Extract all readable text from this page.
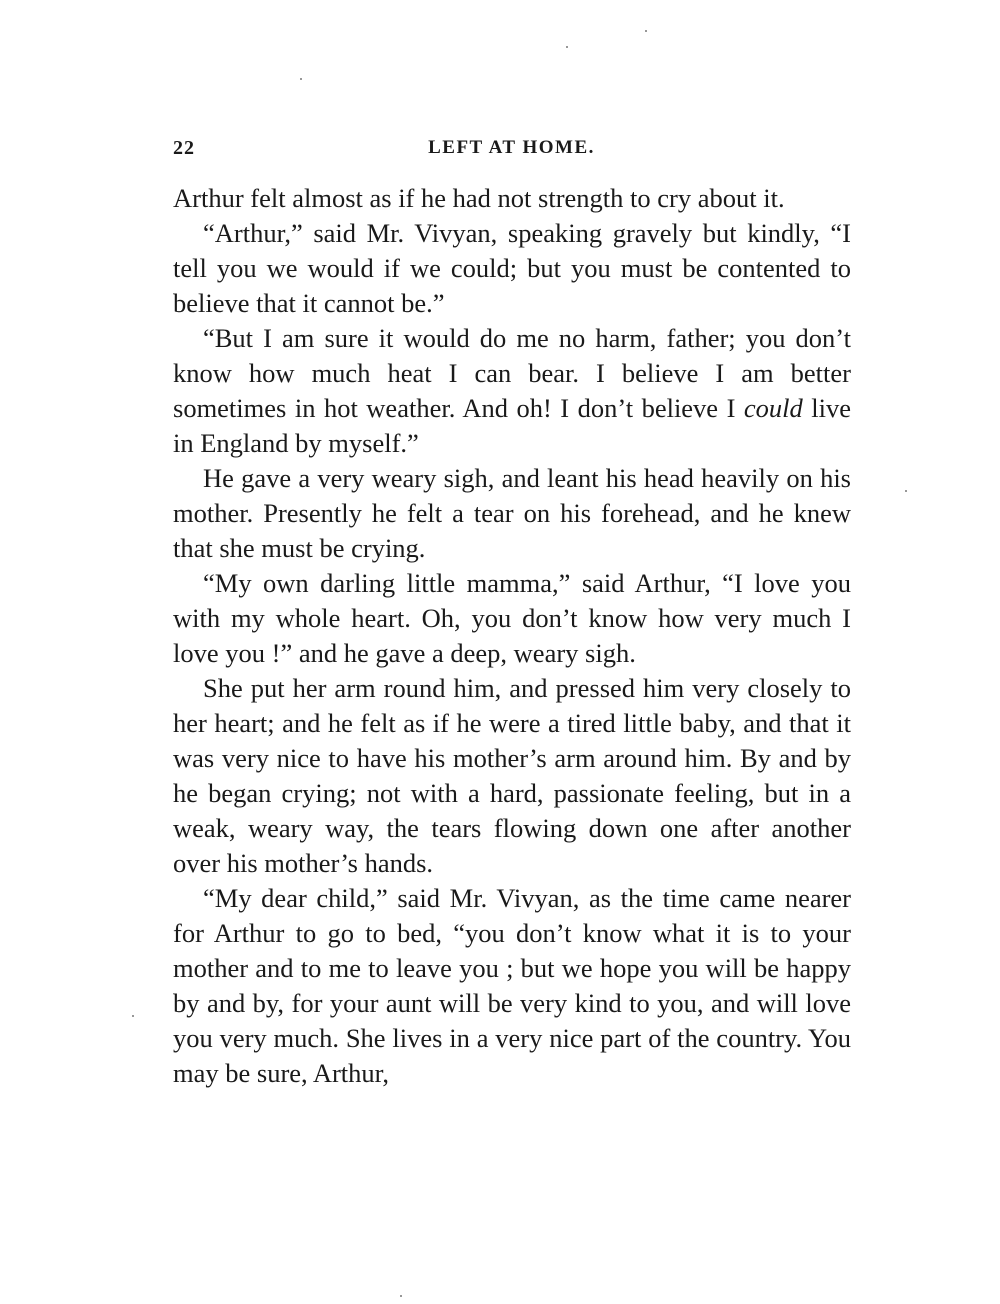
22	LEFT AT HOME.

Arthur felt almost as if he had not strength to cry about it.

“Arthur,” said Mr. Vivyan, speaking gravely but kindly, “I tell you we would if we could; but you must be contented to believe that it cannot be.”

“But I am sure it would do me no harm, father; you don’t know how much heat I can bear. I believe I am better sometimes in hot weather. And oh! I don’t believe I could live in England by myself.”

He gave a very weary sigh, and leant his head heavily on his mother. Presently he felt a tear on his forehead, and he knew that she must be crying.

“My own darling little mamma,” said Arthur, “I love you with my whole heart. Oh, you don’t know how very much I love you !” and he gave a deep, weary sigh.

She put her arm round him, and pressed him very closely to her heart; and he felt as if he were a tired little baby, and that it was very nice to have his mother’s arm around him. By and by he began crying; not with a hard, passionate feeling, but in a weak, weary way, the tears flowing down one after another over his mother’s hands.

“My dear child,” said Mr. Vivyan, as the time came nearer for Arthur to go to bed, “you don’t know what it is to your mother and to me to leave you ; but we hope you will be happy by and by, for your aunt will be very kind to you, and will love you very much. She lives in a very nice part of the country. You may be sure, Arthur,
